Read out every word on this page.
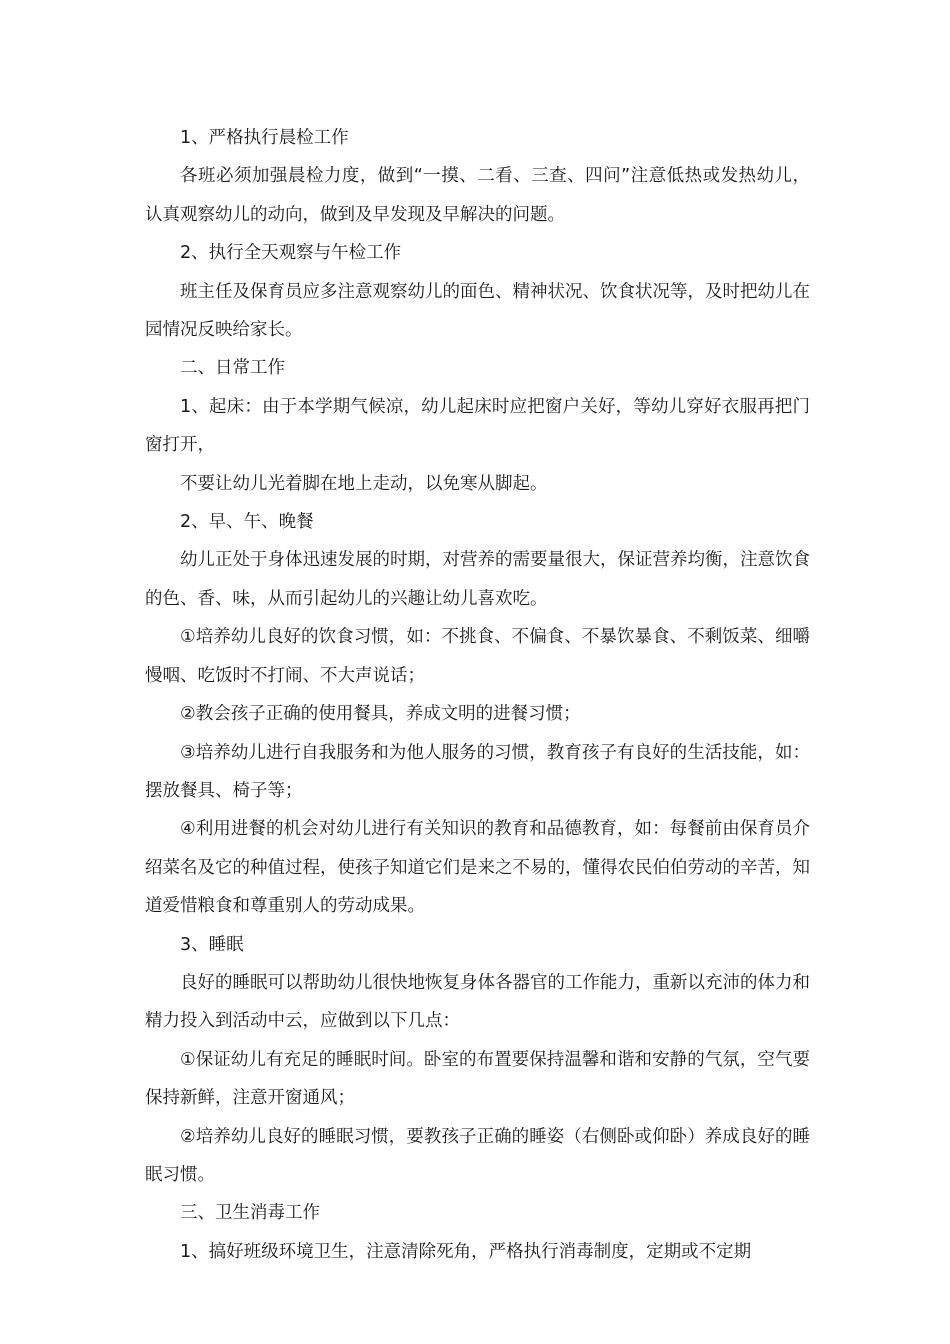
1、严格执行晨检工作

各班必须加强晨检力度，做到“一摸、二看、三查、四问”注意低热或发热幼儿，认真观察幼儿的动向，做到及早发现及早解决的问题。

2、执行全天观察与午检工作

班主任及保育员应多注意观察幼儿的面色、精神状况、饮食状况等，及时把幼儿在园情况反映给家长。

二、日常工作

1、起床：由于本学期气候凉，幼儿起床时应把窗户关好，等幼儿穿好衣服再把门窗打开，

不要让幼儿光着脚在地上走动，以免寒从脚起。

2、早、午、晚餐

幼儿正处于身体迅速发展的时期，对营养的需要量很大，保证营养均衡，注意饮食的色、香、味，从而引起幼儿的兴趣让幼儿喜欢吃。

①培养幼儿良好的饮食习惯，如：不挑食、不偏食、不暴饮暴食、不剩饭菜、细嚼慢咽、吃饭时不打闹、不大声说话；

②教会孩子正确的使用餐具，养成文明的进餐习惯；

③培养幼儿进行自我服务和为他人服务的习惯，教育孩子有良好的生活技能，如：摆放餐具、椅子等；

④利用进餐的机会对幼儿进行有关知识的教育和品德教育，如：每餐前由保育员介绍菜名及它的种值过程，使孩子知道它们是来之不易的，懂得农民伯伯劳动的辛苦，知道爱惜粮食和尊重别人的劳动成果。

3、睡眠

良好的睡眠可以帮助幼儿很快地恢复身体各器官的工作能力，重新以充沛的体力和精力投入到活动中云，应做到以下几点：

①保证幼儿有充足的睡眠时间。卧室的布置要保持温馨和谐和安静的气氛，空气要保持新鲜，注意开窗通风；

②培养幼儿良好的睡眠习惯，要教孩子正确的睡姿（右侧卧或仰卧）养成良好的睡眠习惯。

三、卫生消毒工作

1、搞好班级环境卫生，注意清除死角，严格执行消毒制度，定期或不定期
